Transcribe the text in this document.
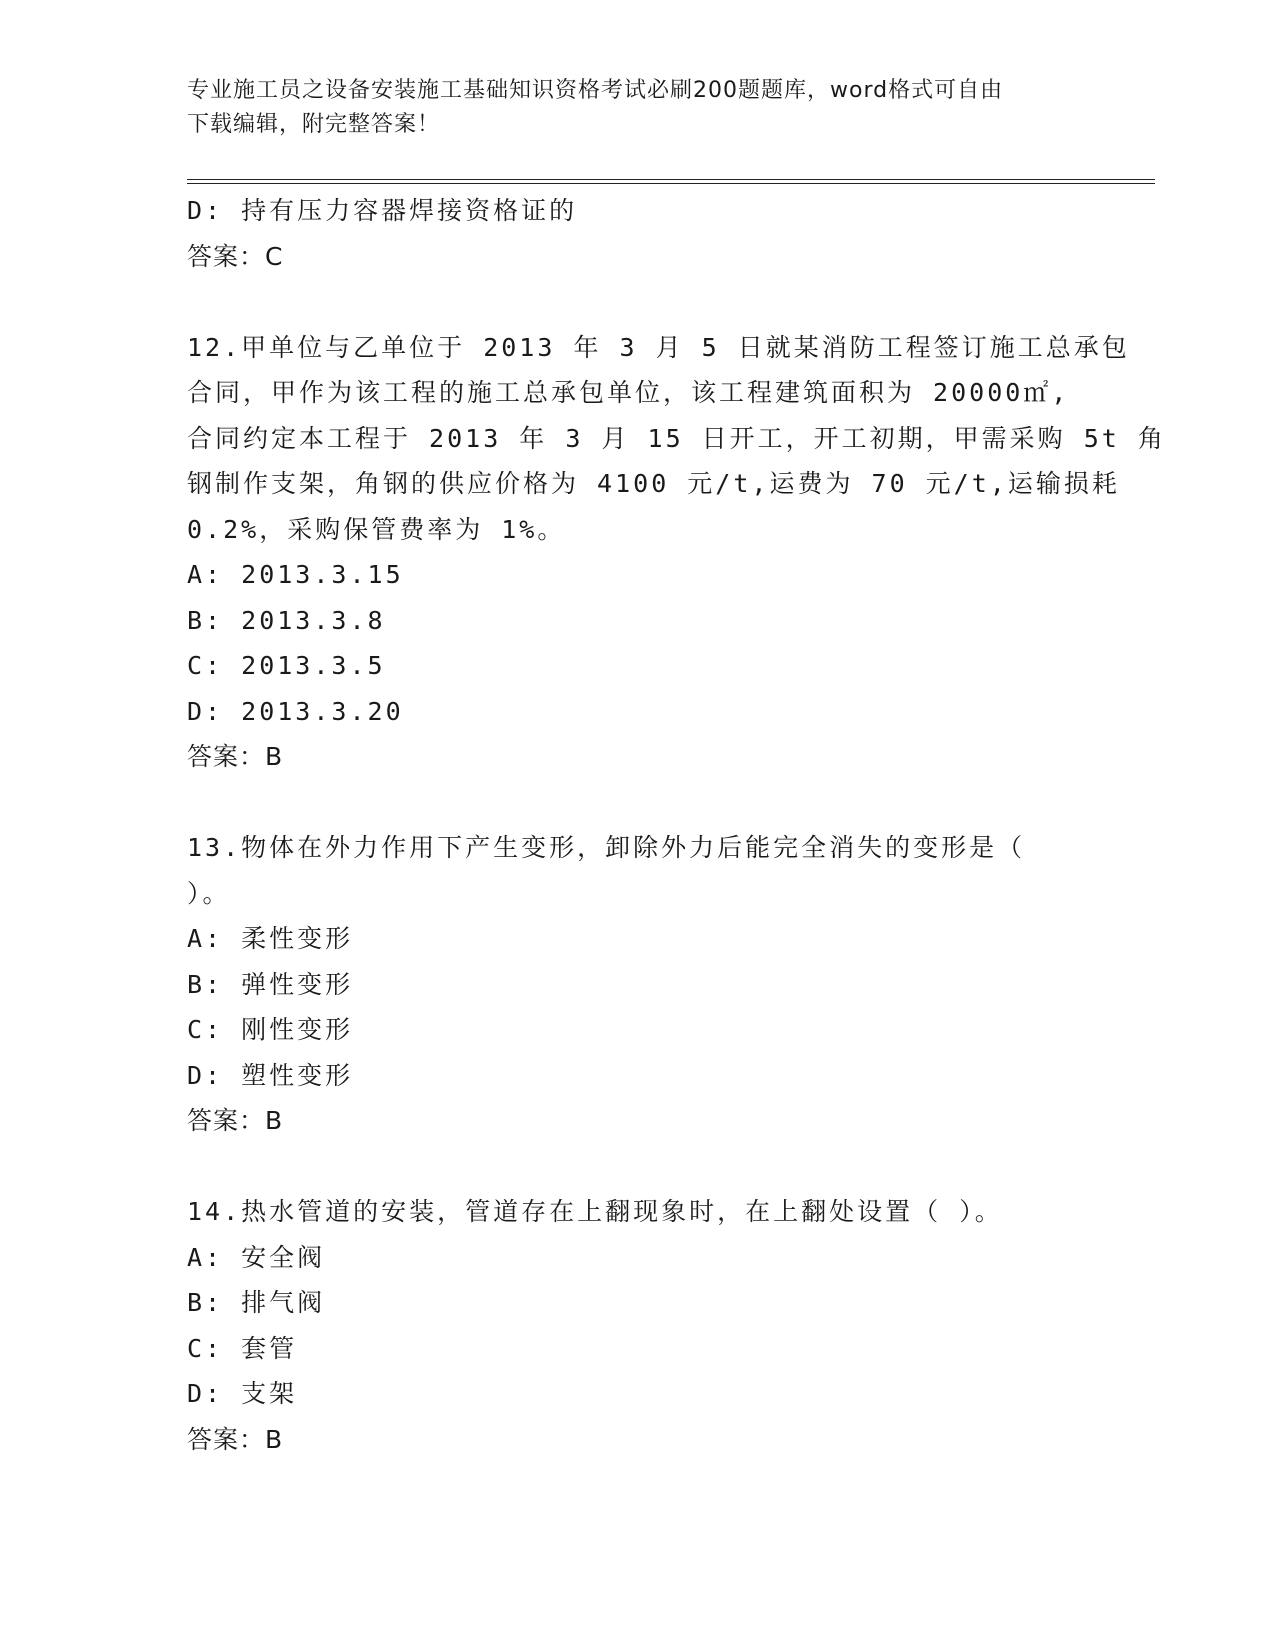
专业施工员之设备安装施工基础知识资格考试必刷200题题库，word格式可自由
下载编辑，附完整答案！
D: 持有压力容器焊接资格证的
答案：C
12.甲单位与乙单位于 2013 年 3 月 5 日就某消防工程签订施工总承包
合同，甲作为该工程的施工总承包单位，该工程建筑面积为 20000㎡,
合同约定本工程于 2013 年 3 月 15 日开工，开工初期，甲需采购 5t 角
钢制作支架，角钢的供应价格为 4100 元/t,运费为 70 元/t,运输损耗
0.2%，采购保管费率为 1%。
A: 2013.3.15
B: 2013.3.8
C: 2013.3.5
D: 2013.3.20
答案：B
13.物体在外力作用下产生变形，卸除外力后能完全消失的变形是（
）。
A: 柔性变形
B: 弹性变形
C: 刚性变形
D: 塑性变形
答案：B
14.热水管道的安装，管道存在上翻现象时，在上翻处设置（ ）。
A: 安全阀
B: 排气阀
C: 套管
D: 支架
答案：B
